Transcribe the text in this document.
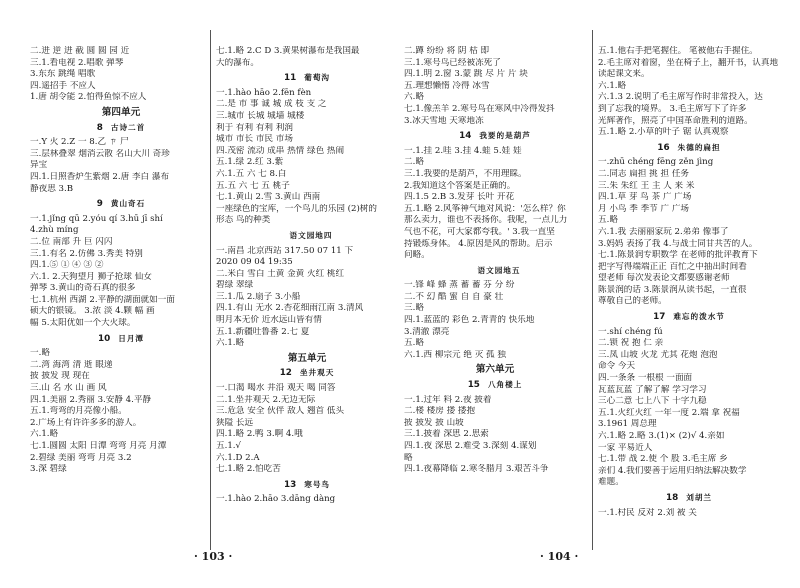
二.进 逆 进 截 圆 圆 园 近
三.1.看电视 2.唱歌 弹琴
3.东东 跳绳 唱歌
四.遥招手 不应人
1.唐 胡令能 2.怕得鱼惊不应人
第四单元
8 古诗二首
一.Y 火 2.Z 一 8.乙 ㄗ 尸
三.层林叠翠 烟消云散 名山大川 奇珍
异宝
四.1.日照香炉生紫烟 2.唐 李白 瀑布
静夜思 3.B
9 黄山奇石
一.1.jǐng qū 2.yóu qí 3.hū jī shí
4.zhù míng
二.位 南部 升 巨 闪闪
三.1.有名 2.仿佛 3.秀美 特别
四.1.⑤ ① ④ ③ ②
六.1. 2.天狗望月 狮子抢球 仙女
弹琴 3.黄山的奇石真的很多
七.1.杭州 西湖 2.平静的湖面就如一面
硕大的银镜。 3.浓 淡 4.颗 幅 画
幅 5.太阳优如一个大火球。
10 日月潭
一.略
二.湾 海湾 清 逝 眼递
披 披发 现 现在
三.山 名 水 山 画 风
四.1.美丽 2.秀丽 3.安静 4.平静
五.1.弯弯的月亮像小船。
2.广场上有许许多多的游人。
六.1.略
七.1.圆圆 太阳 日潭 弯弯 月亮 月潭
2.碧绿 美丽 弯弯 月亮 3.2
3.深 碧绿
七.1.略 2.C D 3.黄果树瀑布是我国最
大的瀑布。
11 葡萄沟
一.1.hào hāo 2.fēn fèn
二.是 市 事 诚 城 成 枝 支 之
三.城市 长城 城墙 城楼
利于 有利 有利 利润
城市 市长 市民 市场
四.茂密 流动 成串 热情 绿色 热闹
五.1.绿 2.红 3.紫
六.1.五 六 七 8.白
五.五 六 七 五 桃子
七.1.黄山 2.雪 3.黄山 西南
一座绿色的宝库，一个鸟儿的乐园 (2)树的
形态 鸟的种类
语文园地四
一.南昌 北京西站 317.50 07 11 下
2020 09 04 19:35
二.米白 雪白 土黄 金黄 火红 桃红
碧绿 翠绿
三.1.瓜 2.扇子 3.小船
四.1.有山 无水 2.杏花细雨江南 3.清风
明月本无价 近水远山皆有情
五.1.新疆吐鲁番 2.七 夏
六.1.略
第五单元
12 坐井观天
一.口渴 喝水 井沿 观天 喝 同答
二.1.坐井观天 2.无边无际
三.危急 安全 伙伴 敌人 翘首 低头
狭隘 长远
四.1.略 2.鸭 3.啊 4.哦
五.1.√
六.1.D 2.A
七.1.略 2.怕吃苦
13 寒号鸟
一.1.hào 2.hāo 3.dāng dàng
二.蹲 纷纷 将 阴 枯 即
三.1.寒号鸟已经被冻死了
四.1.明 2.窗 3.蒙 跳 尽 片 片 块
五.理想懒惰 冷得 冰雪
六.略
七.1.像羔羊 2.寒号鸟在寒风中冷得发抖
3.冰天雪地 天寒地冻
14 我要的是葫芦
一.1.挂 2.哇 3.挂 4.蛙 5.娃 娃
二.略
三.1.我要的是葫芦，不用理睬。
2.我知道这个答案是正确的。
四.1.5 2.B 3.发芽 长叶 开花
五.1.略 2.风筝神气地对风说：'怎么样？你
那么卖力，谁也不表扬你。我呢，一点儿力
气也不花，可大家都夸我。' 3.我一直坚
持锻炼身体。 4.原因是风的帮助。启示
问略。
语文园地五
一.锋 峰 蜂 蒸 蓄 蓄 芬 分 纷
二.不 幻 酷 蜜 自 自 豪 壮
三.略
四.1.蓝蓝的 彩色 2.青青的 快乐地
3.清澈 漂亮
五.略
六.1.西 柳宗元 绝 灭 孤 独
第六单元
15 八角楼上
一.1.过年 料 2.夜 披着
二.楼 楼房 搂 搂抱
披 披发 披 山坡
三.1.披着 深思 2.思索
四.1.夜 深思 2.难受 3.深刻 4.谋划
略
四.1.夜幕降临 2.寒冬腊月 3.艰苦斗争
五.1.他右手把笔握住。 笔被他右手握住。
2.毛主席对着窗，坐在椅子上，翻开书，认真地
读起课文来。
六.1.略
六.1.3 2.说明了毛主席写作时非常投入，达
到了忘我的境界。 3.毛主席写下了许多
光辉著作，照亮了中国革命胜利的道路。
五.1.略 2.小草的叶子 锯 认真观察
16 朱德的扁担
一.zhū chéng fēng zěn jìng
二.同志 扁担 挑 担 任务
三.朱 朱红 王 主 人 来 米
四.1.草 芽 鸟 茶 广 广场
月 小鸟 季 季节 广 广场
五.略
六.1.我 去丽丽家玩 2.弟弟 像事了
3.妈妈 表扬了我 4.与战士同甘共苦的人。
七.1.陈景润专职数学 在老师的批评教育下
把字写得端端正正 百忙之中抽出时间看
望老师 每次发表论文都要感谢老师
陈景润的话 3.陈景润从读书起，一直很
尊敬自己的老师。
17 难忘的泼水节
一.shí chéng fú
二.锁 祝 抱 仁 亲
三.凤 山坡 火龙 尤其 花炮 泡泡
命令 今天
四.一条条 一根根 一面面
瓦蓝瓦蓝 了解了解 学习学习
三心二意 七上八下 十字九稳
五.1.火红火红 一年一度 2.端 拿 祝福
3.1961 周总理
六.1.略 2.略 3.(1)× (2)√ 4.亲如
一家 平易近人
七.1.带 战 2.使 个 股 3.毛主席 乡
亲们 4.我们要善于运用归纳法解决数学
难题。
18 刘胡兰
一.1.村民 反对 2.刘 被 关
· 103 ·	· 104 ·
